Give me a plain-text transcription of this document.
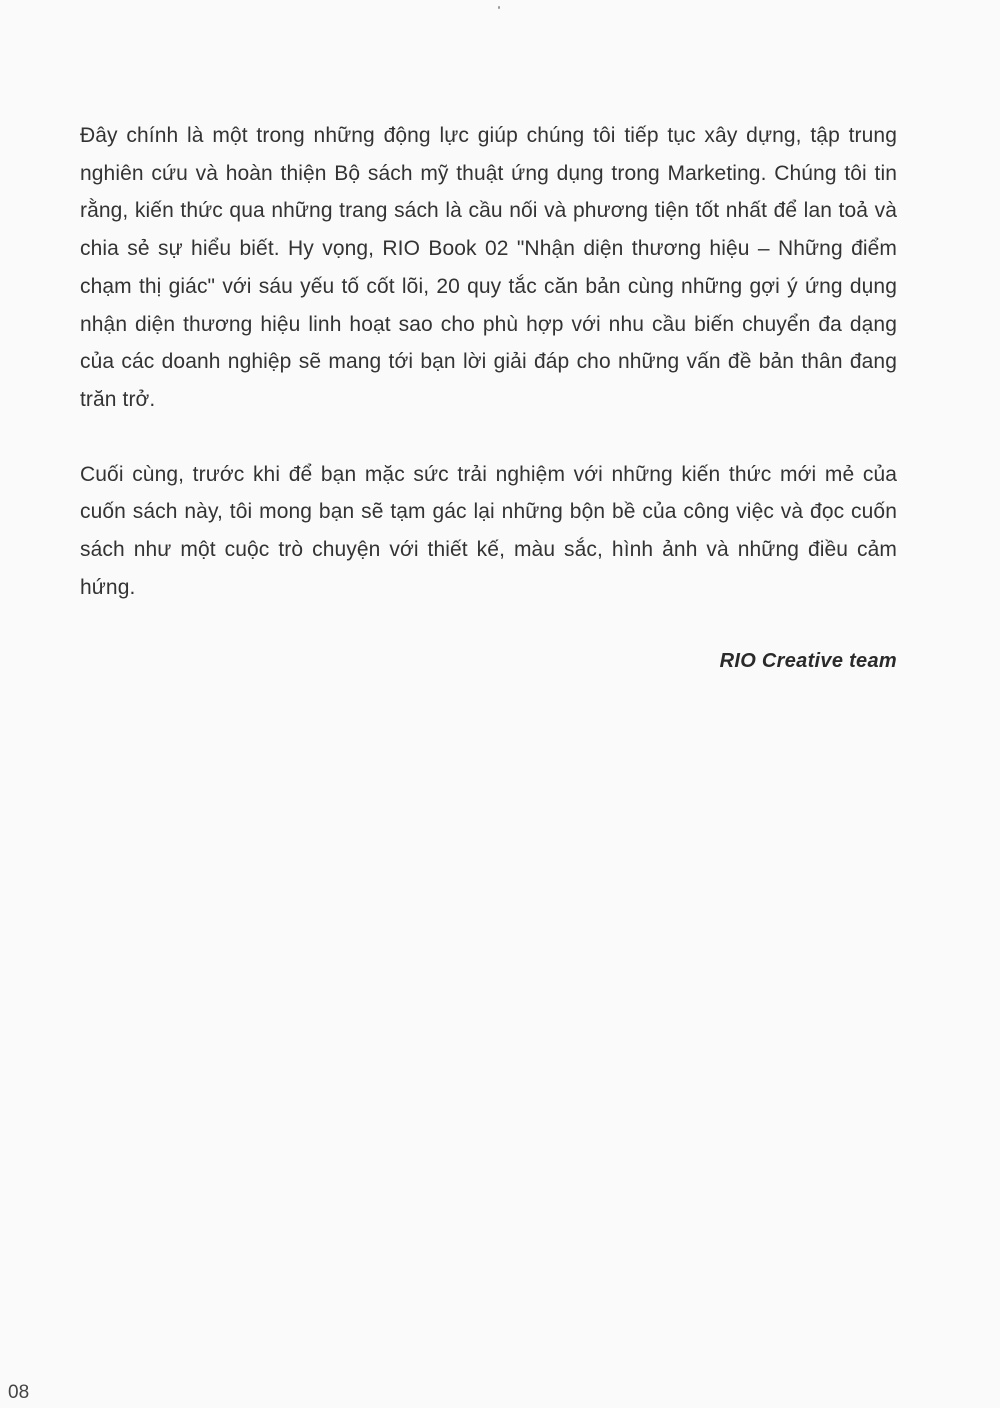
Đây chính là một trong những động lực giúp chúng tôi tiếp tục xây dựng, tập trung nghiên cứu và hoàn thiện Bộ sách mỹ thuật ứng dụng trong Marketing. Chúng tôi tin rằng, kiến thức qua những trang sách là cầu nối và phương tiện tốt nhất để lan toả và chia sẻ sự hiểu biết. Hy vọng, RIO Book 02 "Nhận diện thương hiệu – Những điểm chạm thị giác" với sáu yếu tố cốt lõi, 20 quy tắc căn bản cùng những gợi ý ứng dụng nhận diện thương hiệu linh hoạt sao cho phù hợp với nhu cầu biến chuyển đa dạng của các doanh nghiệp sẽ mang tới bạn lời giải đáp cho những vấn đề bản thân đang trăn trở.

Cuối cùng, trước khi để bạn mặc sức trải nghiệm với những kiến thức mới mẻ của cuốn sách này, tôi mong bạn sẽ tạm gác lại những bộn bề của công việc và đọc cuốn sách như một cuộc trò chuyện với thiết kế, màu sắc, hình ảnh và những điều cảm hứng.

RIO Creative team

08
